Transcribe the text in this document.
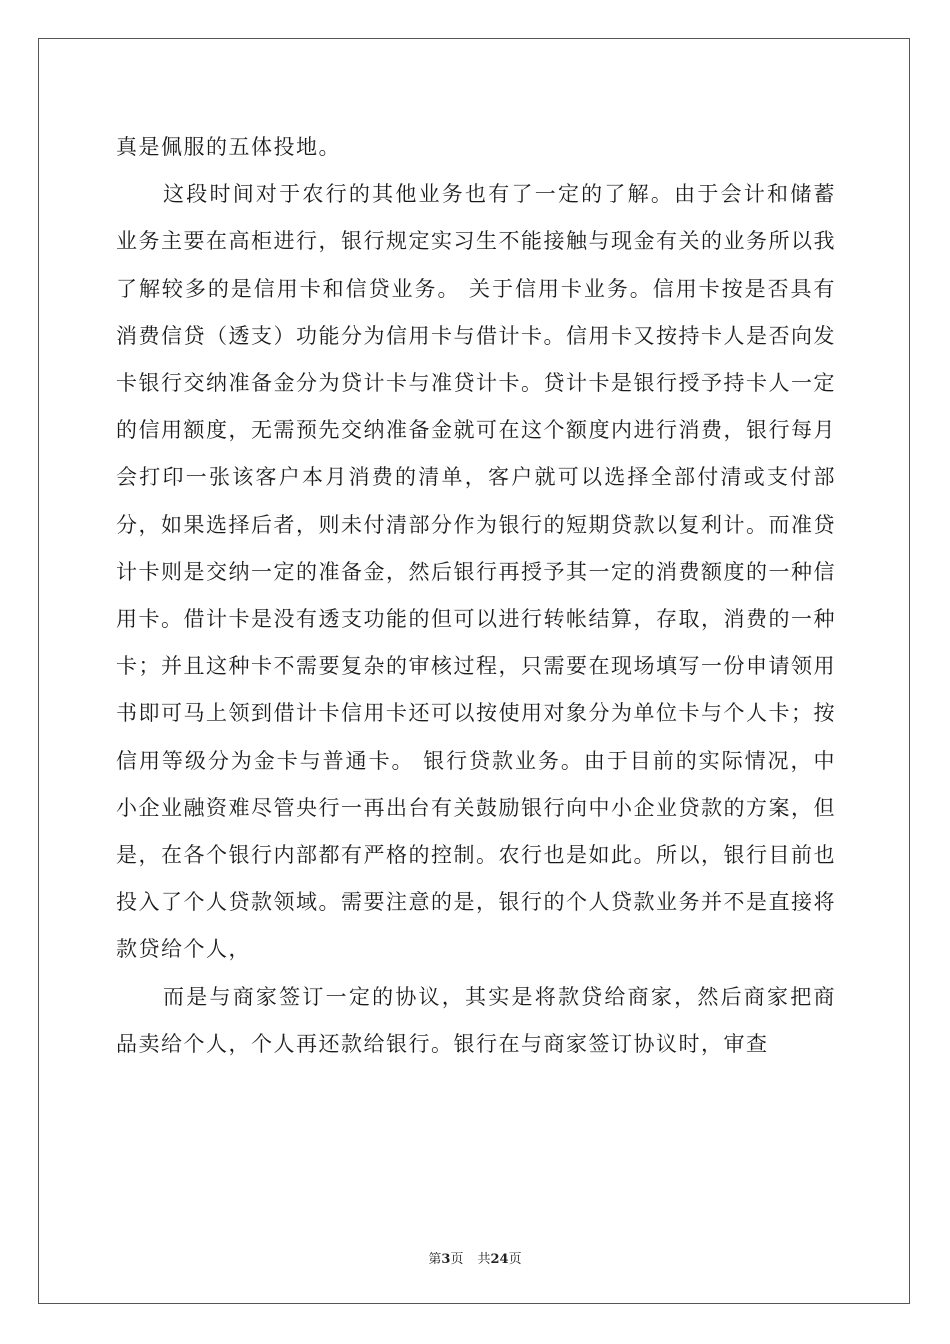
真是佩服的五体投地。

这段时间对于农行的其他业务也有了一定的了解。由于会计和储蓄业务主要在高柜进行，银行规定实习生不能接触与现金有关的业务所以我了解较多的是信用卡和信贷业务。 关于信用卡业务。信用卡按是否具有消费信贷（透支）功能分为信用卡与借计卡。信用卡又按持卡人是否向发卡银行交纳准备金分为贷计卡与准贷计卡。贷计卡是银行授予持卡人一定的信用额度，无需预先交纳准备金就可在这个额度内进行消费，银行每月会打印一张该客户本月消费的清单，客户就可以选择全部付清或支付部分，如果选择后者，则未付清部分作为银行的短期贷款以复利计。而准贷计卡则是交纳一定的准备金，然后银行再授予其一定的消费额度的一种信用卡。借计卡是没有透支功能的但可以进行转帐结算，存取，消费的一种卡；并且这种卡不需要复杂的审核过程，只需要在现场填写一份申请领用书即可马上领到借计卡信用卡还可以按使用对象分为单位卡与个人卡；按信用等级分为金卡与普通卡。 银行贷款业务。由于目前的实际情况，中小企业融资难尽管央行一再出台有关鼓励银行向中小企业贷款的方案，但是，在各个银行内部都有严格的控制。农行也是如此。所以，银行目前也投入了个人贷款领域。需要注意的是，银行的个人贷款业务并不是直接将款贷给个人，

而是与商家签订一定的协议，其实是将款贷给商家，然后商家把商品卖给个人，个人再还款给银行。银行在与商家签订协议时，审查

第3页 共24页
